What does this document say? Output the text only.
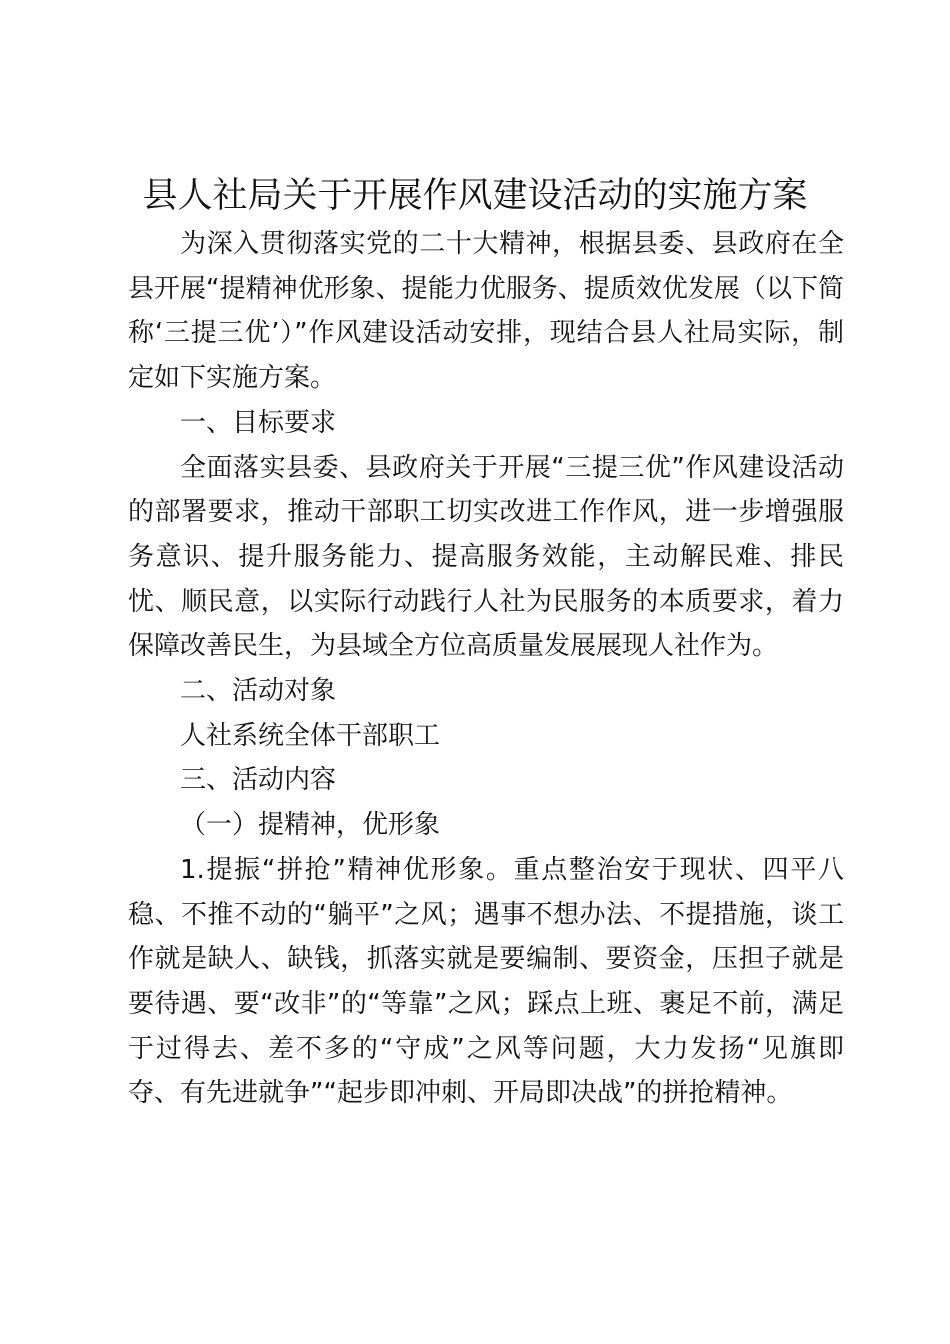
县人社局关于开展作风建设活动的实施方案

为深入贯彻落实党的二十大精神，根据县委、县政府在全县开展“提精神优形象、提能力优服务、提质效优发展（以下简称‘三提三优’）”作风建设活动安排，现结合县人社局实际，制定如下实施方案。

一、目标要求

全面落实县委、县政府关于开展“三提三优”作风建设活动的部署要求，推动干部职工切实改进工作作风，进一步增强服务意识、提升服务能力、提高服务效能，主动解民难、排民忧、顺民意，以实际行动践行人社为民服务的本质要求，着力保障改善民生，为县域全方位高质量发展展现人社作为。

二、活动对象

人社系统全体干部职工

三、活动内容

（一）提精神，优形象

1.提振“拼抢”精神优形象。重点整治安于现状、四平八稳、不推不动的“躺平”之风；遇事不想办法、不提措施，谈工作就是缺人、缺钱，抓落实就是要编制、要资金，压担子就是要待遇、要“改非”的“等靠”之风；踩点上班、裹足不前，满足于过得去、差不多的“守成”之风等问题，大力发扬“见旗即夺、有先进就争”“起步即冲刺、开局即决战”的拼抢精神。
